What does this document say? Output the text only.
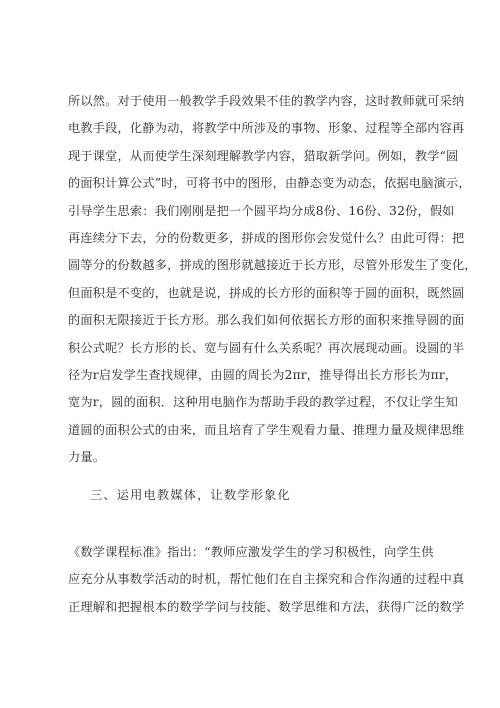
所以然。对于使用一般教学手段效果不佳的教学内容，这时教师就可采纳
电教手段，化静为动，将教学中所涉及的事物、形象、过程等全部内容再
现于课堂，从而使学生深刻理解教学内容，猎取新学问。例如，教学“圆
的面积计算公式”时，可将书中的图形，由静态变为动态，依据电脑演示，
引导学生思索：我们刚刚是把一个圆平均分成8份、16份、32份，假如
再连续分下去，分的份数更多，拼成的图形你会发觉什么？由此可得：把
圆等分的份数越多，拼成的图形就越接近于长方形，尽管外形发生了变化，
但面积是不变的，也就是说，拼成的长方形的面积等于圆的面积，既然圆
的面积无限接近于长方形。那么我们如何依据长方形的面积来推导圆的面
积公式呢？长方形的长、宽与圆有什么关系呢？再次展现动画。设圆的半
径为r启发学生查找规律，由圆的周长为2πr，推导得出长方形长为πr，
宽为r，圆的面积．这种用电脑作为帮助手段的教学过程，不仅让学生知
道圆的面积公式的由来，而且培育了学生观看力量、推理力量及规律思维
力量。
三、运用电教媒体，让数学形象化
《数学课程标准》指出：“教师应激发学生的学习积极性，向学生供
应充分从事数学活动的时机，帮忙他们在自主探究和合作沟通的过程中真
正理解和把握根本的数学学问与技能、数学思维和方法，获得广泛的数学
